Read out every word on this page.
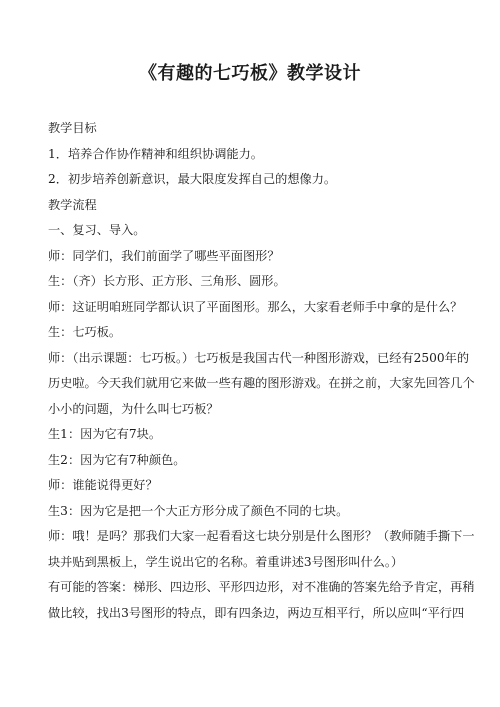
《有趣的七巧板》教学设计
教学目标
1．培养合作协作精神和组织协调能力。
2．初步培养创新意识，最大限度发挥自己的想像力。
教学流程
一、复习、导入。
师：同学们，我们前面学了哪些平面图形？
生：（齐）长方形、正方形、三角形、圆形。
师：这证明咱班同学都认识了平面图形。那么，大家看老师手中拿的是什么？
生：七巧板。
师：（出示课题：七巧板。）七巧板是我国古代一种图形游戏，已经有2500年的
历史啦。今天我们就用它来做一些有趣的图形游戏。在拼之前，大家先回答几个
小小的问题，为什么叫七巧板？
生1：因为它有7块。
生2：因为它有7种颜色。
师：谁能说得更好？
生3：因为它是把一个大正方形分成了颜色不同的七块。
师：哦！是吗？那我们大家一起看看这七块分别是什么图形？（教师随手撕下一
块并贴到黑板上，学生说出它的名称。着重讲述3号图形叫什么。）
有可能的答案：梯形、四边形、平形四边形，对不准确的答案先给予肯定，再稍
做比较，找出3号图形的特点，即有四条边，两边互相平行，所以应叫“平行四
